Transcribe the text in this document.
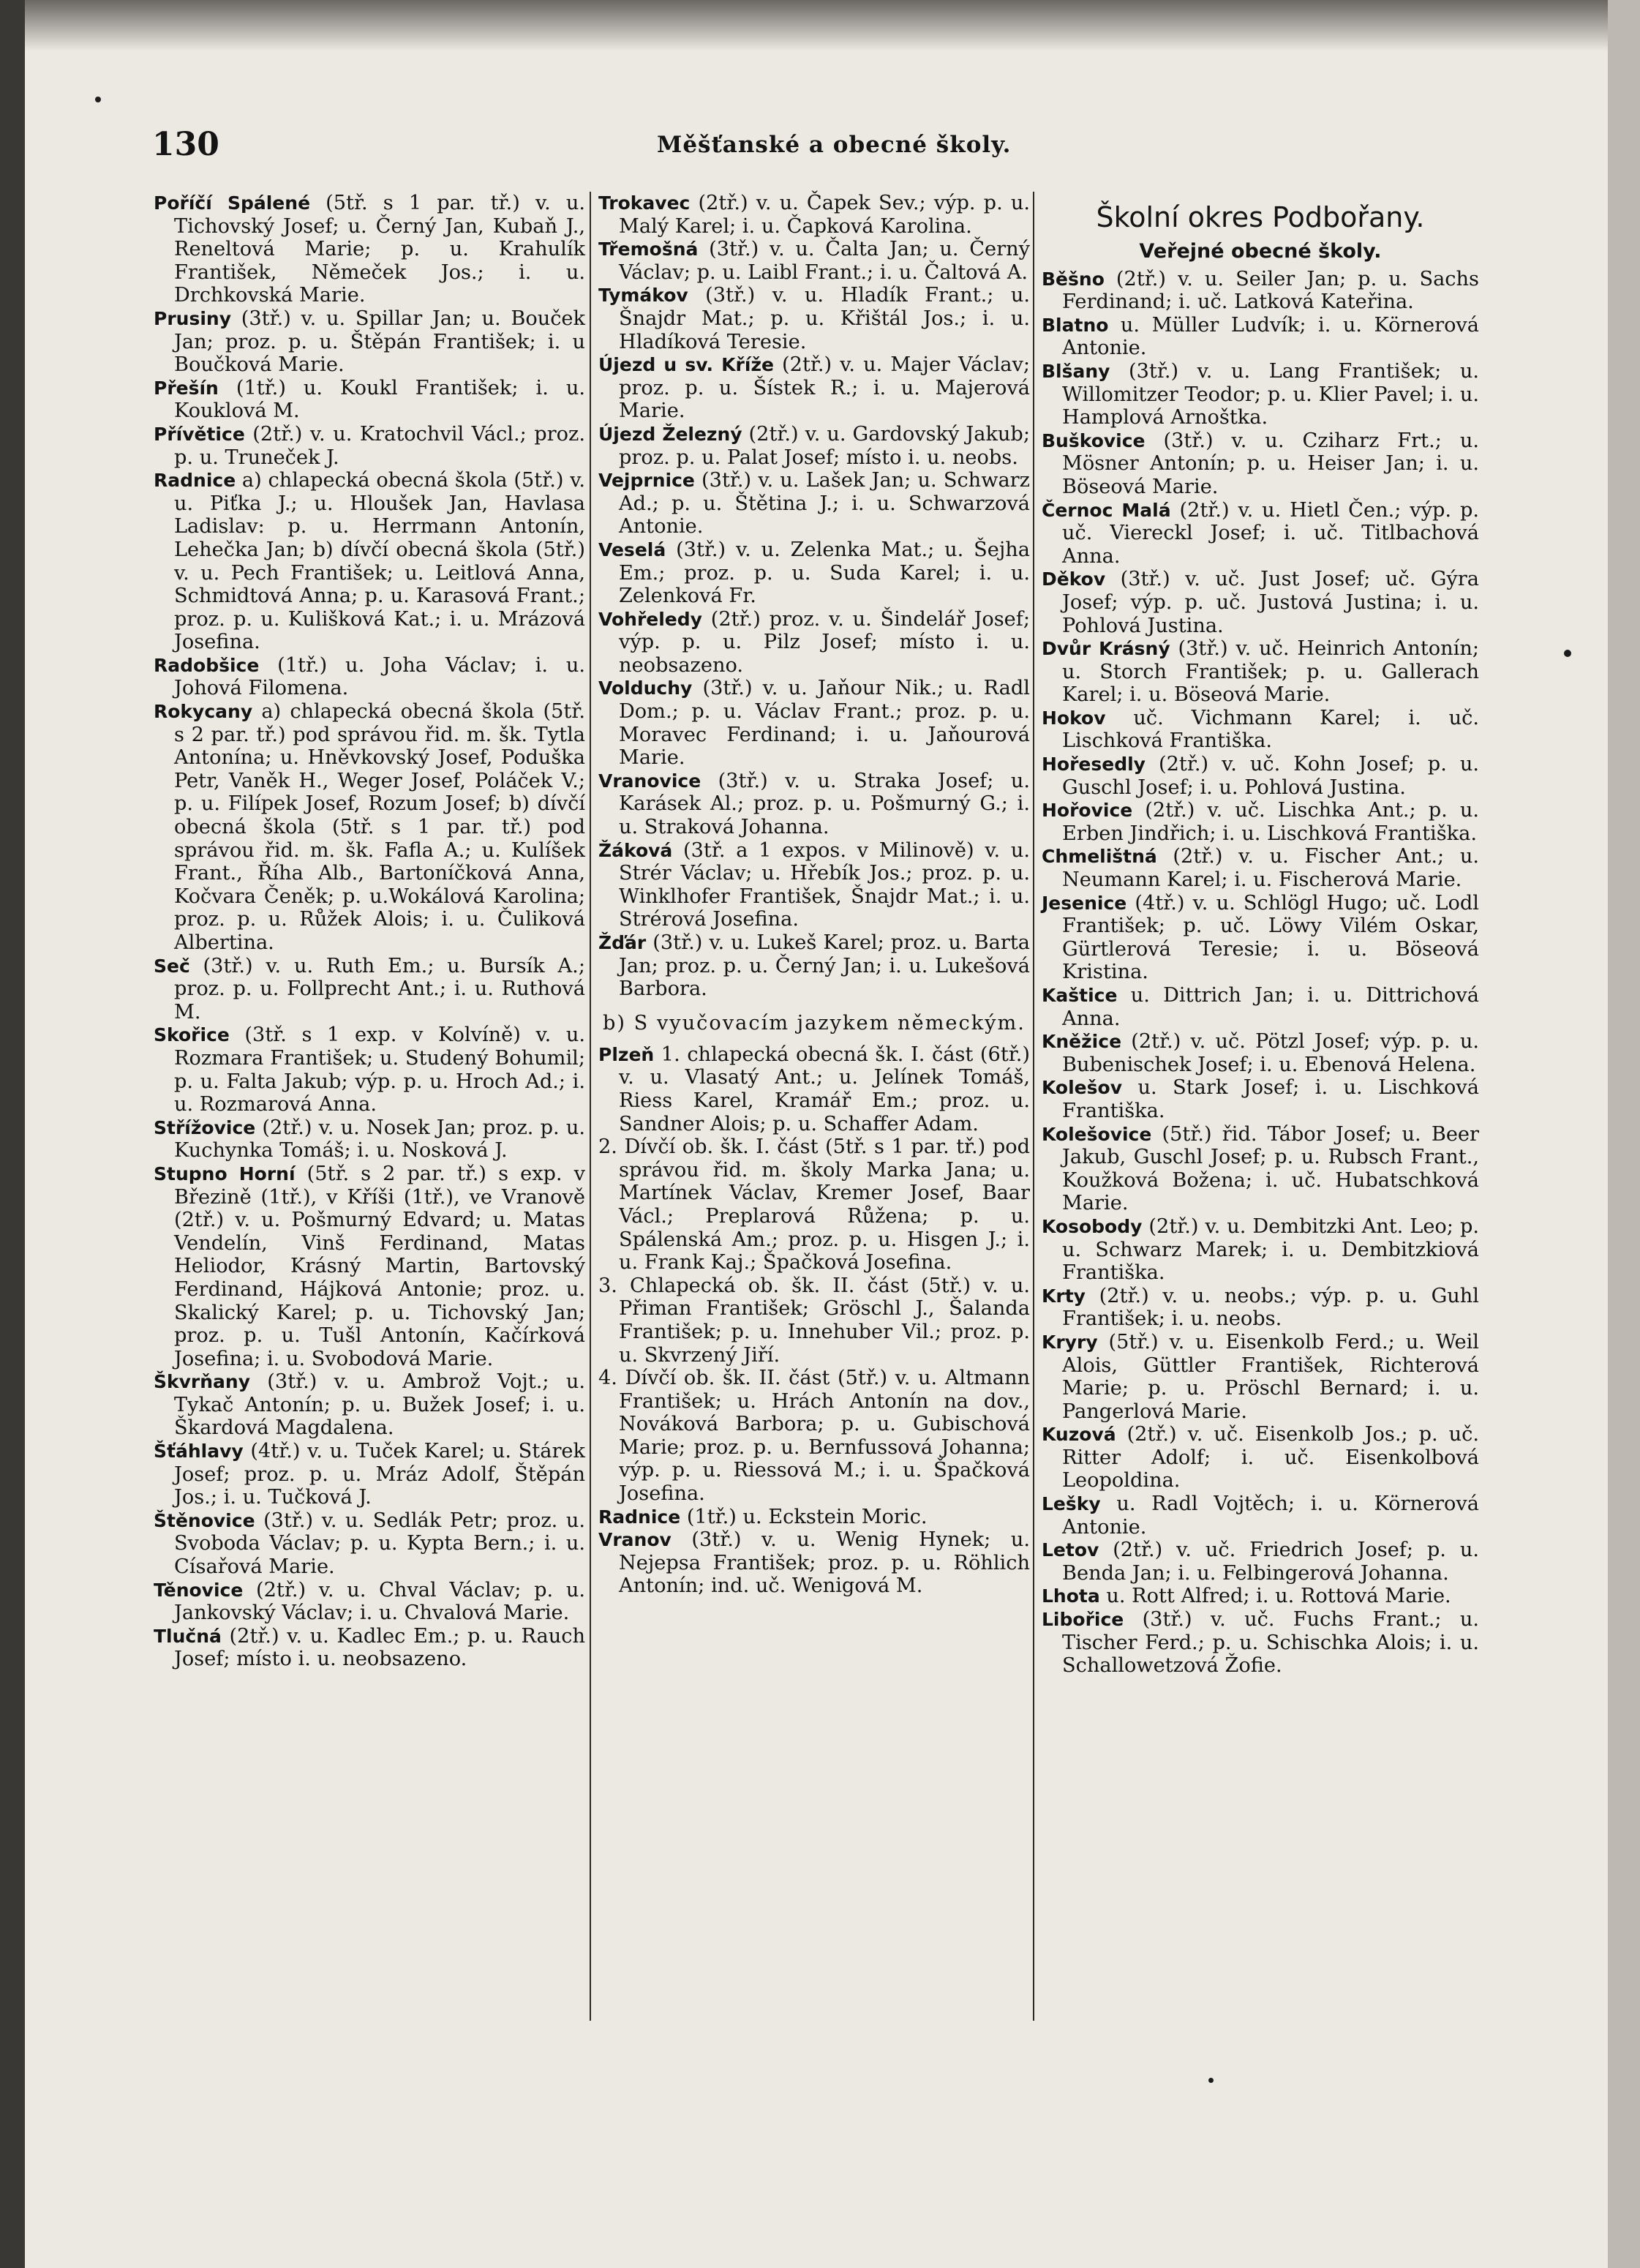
130	Měšťanské a obecné školy.

Poříčí Spálené (5tř. s 1 par. tř.) v. u. Tichovský Josef; u. Černý Jan, Kubaň J., Reneltová Marie; p. u. Krahulík František, Němeček Jos.; i. u. Drchkovská Marie.

Prusiny (3tř.) v. u. Spillar Jan; u. Bouček Jan; proz. p. u. Štěpán František; i. u Boučková Marie.

Přešín (1tř.) u. Koukl František; i. u. Kouklová M.

Přívětice (2tř.) v. u. Kratochvil Václ.; proz. p. u. Truneček J.

Radnice a) chlapecká obecná škola (5tř.) v. u. Piťka J.; u. Hloušek Jan, Havlasa Ladislav: p. u. Herrmann Antonín, Lehečka Jan; b) dívčí obecná škola (5tř.) v. u. Pech František; u. Leitlová Anna, Schmidtová Anna; p. u. Karasová Frant.; proz. p. u. Kulišková Kat.; i. u. Mrázová Josefina.

Radobšice (1tř.) u. Joha Václav; i. u. Johová Filomena.

Rokycany a) chlapecká obecná škola (5tř. s 2 par. tř.) pod správou řid. m. šk. Tytla Antonína; u. Hněvkovský Josef, Poduška Petr, Vaněk H., Weger Josef, Poláček V.; p. u. Filípek Josef, Rozum Josef; b) dívčí obecná škola (5tř. s 1 par. tř.) pod správou řid. m. šk. Fafla A.; u. Kulíšek Frant., Říha Alb., Bartoníčková Anna, Kočvara Čeněk; p. u.Wokálová Karolina; proz. p. u. Růžek Alois; i. u. Čuliková Albertina.

Seč (3tř.) v. u. Ruth Em.; u. Bursík A.; proz. p. u. Follprecht Ant.; i. u. Ruthová M.

Skořice (3tř. s 1 exp. v Kolvíně) v. u. Rozmara František; u. Studený Bohumil; p. u. Falta Jakub; výp. p. u. Hroch Ad.; i. u. Rozmarová Anna.

Střížovice (2tř.) v. u. Nosek Jan; proz. p. u. Kuchynka Tomáš; i. u. Nosková J.

Stupno Horní (5tř. s 2 par. tř.) s exp. v Březině (1tř.), v Kříši (1tř.), ve Vranově (2tř.) v. u. Pošmurný Edvard; u. Matas Vendelín, Vinš Ferdinand, Matas Heliodor, Krásný Martin, Bartovský Ferdinand, Hájková Antonie; proz. u. Skalický Karel; p. u. Tichovský Jan; proz. p. u. Tušl Antonín, Kačírková Josefina; i. u. Svobodová Marie.

Škvrňany (3tř.) v. u. Ambrož Vojt.; u. Tykač Antonín; p. u. Bužek Josef; i. u. Škardová Magdalena.

Šťáhlavy (4tř.) v. u. Tuček Karel; u. Stárek Josef; proz. p. u. Mráz Adolf, Štěpán Jos.; i. u. Tučková J.

Štěnovice (3tř.) v. u. Sedlák Petr; proz. u. Svoboda Václav; p. u. Kypta Bern.; i. u. Císařová Marie.

Těnovice (2tř.) v. u. Chval Václav; p. u. Jankovský Václav; i. u. Chvalová Marie.

Tlučná (2tř.) v. u. Kadlec Em.; p. u. Rauch Josef; místo i. u. neobsazeno.

Trokavec (2tř.) v. u. Čapek Sev.; výp. p. u. Malý Karel; i. u. Čapková Karolina.

Třemošná (3tř.) v. u. Čalta Jan; u. Černý Václav; p. u. Laibl Frant.; i. u. Čaltová A.

Tymákov (3tř.) v. u. Hladík Frant.; u. Šnajdr Mat.; p. u. Křištál Jos.; i. u. Hladíková Teresie.

Újezd u sv. Kříže (2tř.) v. u. Majer Václav; proz. p. u. Šístek R.; i. u. Majerová Marie.

Újezd Železný (2tř.) v. u. Gardovský Jakub; proz. p. u. Palat Josef; místo i. u. neobs.

Vejprnice (3tř.) v. u. Lašek Jan; u. Schwarz Ad.; p. u. Štětina J.; i. u. Schwarzová Antonie.

Veselá (3tř.) v. u. Zelenka Mat.; u. Šejha Em.; proz. p. u. Suda Karel; i. u. Zelenková Fr.

Vohřeledy (2tř.) proz. v. u. Šindelář Josef; výp. p. u. Pilz Josef; místo i. u. neobsazeno.

Volduchy (3tř.) v. u. Jaňour Nik.; u. Radl Dom.; p. u. Václav Frant.; proz. p. u. Moravec Ferdinand; i. u. Jaňourová Marie.

Vranovice (3tř.) v. u. Straka Josef; u. Karásek Al.; proz. p. u. Pošmurný G.; i. u. Straková Johanna.

Žáková (3tř. a 1 expos. v Milinově) v. u. Strér Václav; u. Hřebík Jos.; proz. p. u. Winklhofer František, Šnajdr Mat.; i. u. Strérová Josefina.

Žďár (3tř.) v. u. Lukeš Karel; proz. u. Barta Jan; proz. p. u. Černý Jan; i. u. Lukešová Barbora.

b) S vyučovacím jazykem německým.

Plzeň 1. chlapecká obecná šk. I. část (6tř.) v. u. Vlasatý Ant.; u. Jelínek Tomáš, Riess Karel, Kramář Em.; proz. u. Sandner Alois; p. u. Schaffer Adam.

2. Dívčí ob. šk. I. část (5tř. s 1 par. tř.) pod správou řid. m. školy Marka Jana; u. Martínek Václav, Kremer Josef, Baar Václ.; Preplarová Růžena; p. u. Spálenská Am.; proz. p. u. Hisgen J.; i. u. Frank Kaj.; Špačková Josefina.

3. Chlapecká ob. šk. II. část (5tř.) v. u. Přiman František; Gröschl J., Šalanda František; p. u. Innehuber Vil.; proz. p. u. Skvrzený Jiří.

4. Dívčí ob. šk. II. část (5tř.) v. u. Altmann František; u. Hrách Antonín na dov., Nováková Barbora; p. u. Gubischová Marie; proz. p. u. Bernfussová Johanna; výp. p. u. Riessová M.; i. u. Špačková Josefina.

Radnice (1tř.) u. Eckstein Moric.

Vranov (3tř.) v. u. Wenig Hynek; u. Nejepsa František; proz. p. u. Röhlich Antonín; ind. uč. Wenigová M.

Školní okres Podbořany.
Veřejné obecné školy.

Běšno (2tř.) v. u. Seiler Jan; p. u. Sachs Ferdinand; i. uč. Latková Kateřina.

Blatno u. Müller Ludvík; i. u. Körnerová Antonie.

Blšany (3tř.) v. u. Lang František; u. Willomitzer Teodor; p. u. Klier Pavel; i. u. Hamplová Arnoštka.

Buškovice (3tř.) v. u. Cziharz Frt.; u. Mösner Antonín; p. u. Heiser Jan; i. u. Böseová Marie.

Černoc Malá (2tř.) v. u. Hietl Čen.; výp. p. uč. Viereckl Josef; i. uč. Titlbachová Anna.

Děkov (3tř.) v. uč. Just Josef; uč. Gýra Josef; výp. p. uč. Justová Justina; i. u. Pohlová Justina.

Dvůr Krásný (3tř.) v. uč. Heinrich Antonín; u. Storch František; p. u. Gallerach Karel; i. u. Böseová Marie.

Hokov uč. Vichmann Karel; i. uč. Lischková Františka.

Hořesedly (2tř.) v. uč. Kohn Josef; p. u. Guschl Josef; i. u. Pohlová Justina.

Hořovice (2tř.) v. uč. Lischka Ant.; p. u. Erben Jindřich; i. u. Lischková Františka.

Chmelištná (2tř.) v. u. Fischer Ant.; u. Neumann Karel; i. u. Fischerová Marie.

Jesenice (4tř.) v. u. Schlögl Hugo; uč. Lodl František; p. uč. Löwy Vilém Oskar, Gürtlerová Teresie; i. u. Böseová Kristina.

Kaštice u. Dittrich Jan; i. u. Dittrichová Anna.

Kněžice (2tř.) v. uč. Pötzl Josef; výp. p. u. Bubenischek Josef; i. u. Ebenová Helena.

Kolešov u. Stark Josef; i. u. Lischková Františka.

Kolešovice (5tř.) řid. Tábor Josef; u. Beer Jakub, Guschl Josef; p. u. Rubsch Frant., Koužková Božena; i. uč. Hubatschková Marie.

Kosobody (2tř.) v. u. Dembitzki Ant. Leo; p. u. Schwarz Marek; i. u. Dembitzkiová Františka.

Krty (2tř.) v. u. neobs.; výp. p. u. Guhl František; i. u. neobs.

Kryry (5tř.) v. u. Eisenkolb Ferd.; u. Weil Alois, Güttler František, Richterová Marie; p. u. Pröschl Bernard; i. u. Pangerlová Marie.

Kuzová (2tř.) v. uč. Eisenkolb Jos.; p. uč. Ritter Adolf; i. uč. Eisenkolbová Leopoldina.

Lešky u. Radl Vojtěch; i. u. Körnerová Antonie.

Letov (2tř.) v. uč. Friedrich Josef; p. u. Benda Jan; i. u. Felbingerová Johanna.

Lhota u. Rott Alfred; i. u. Rottová Marie.

Libořice (3tř.) v. uč. Fuchs Frant.; u. Tischer Ferd.; p. u. Schischka Alois; i. u. Schallowetzová Žofie.
